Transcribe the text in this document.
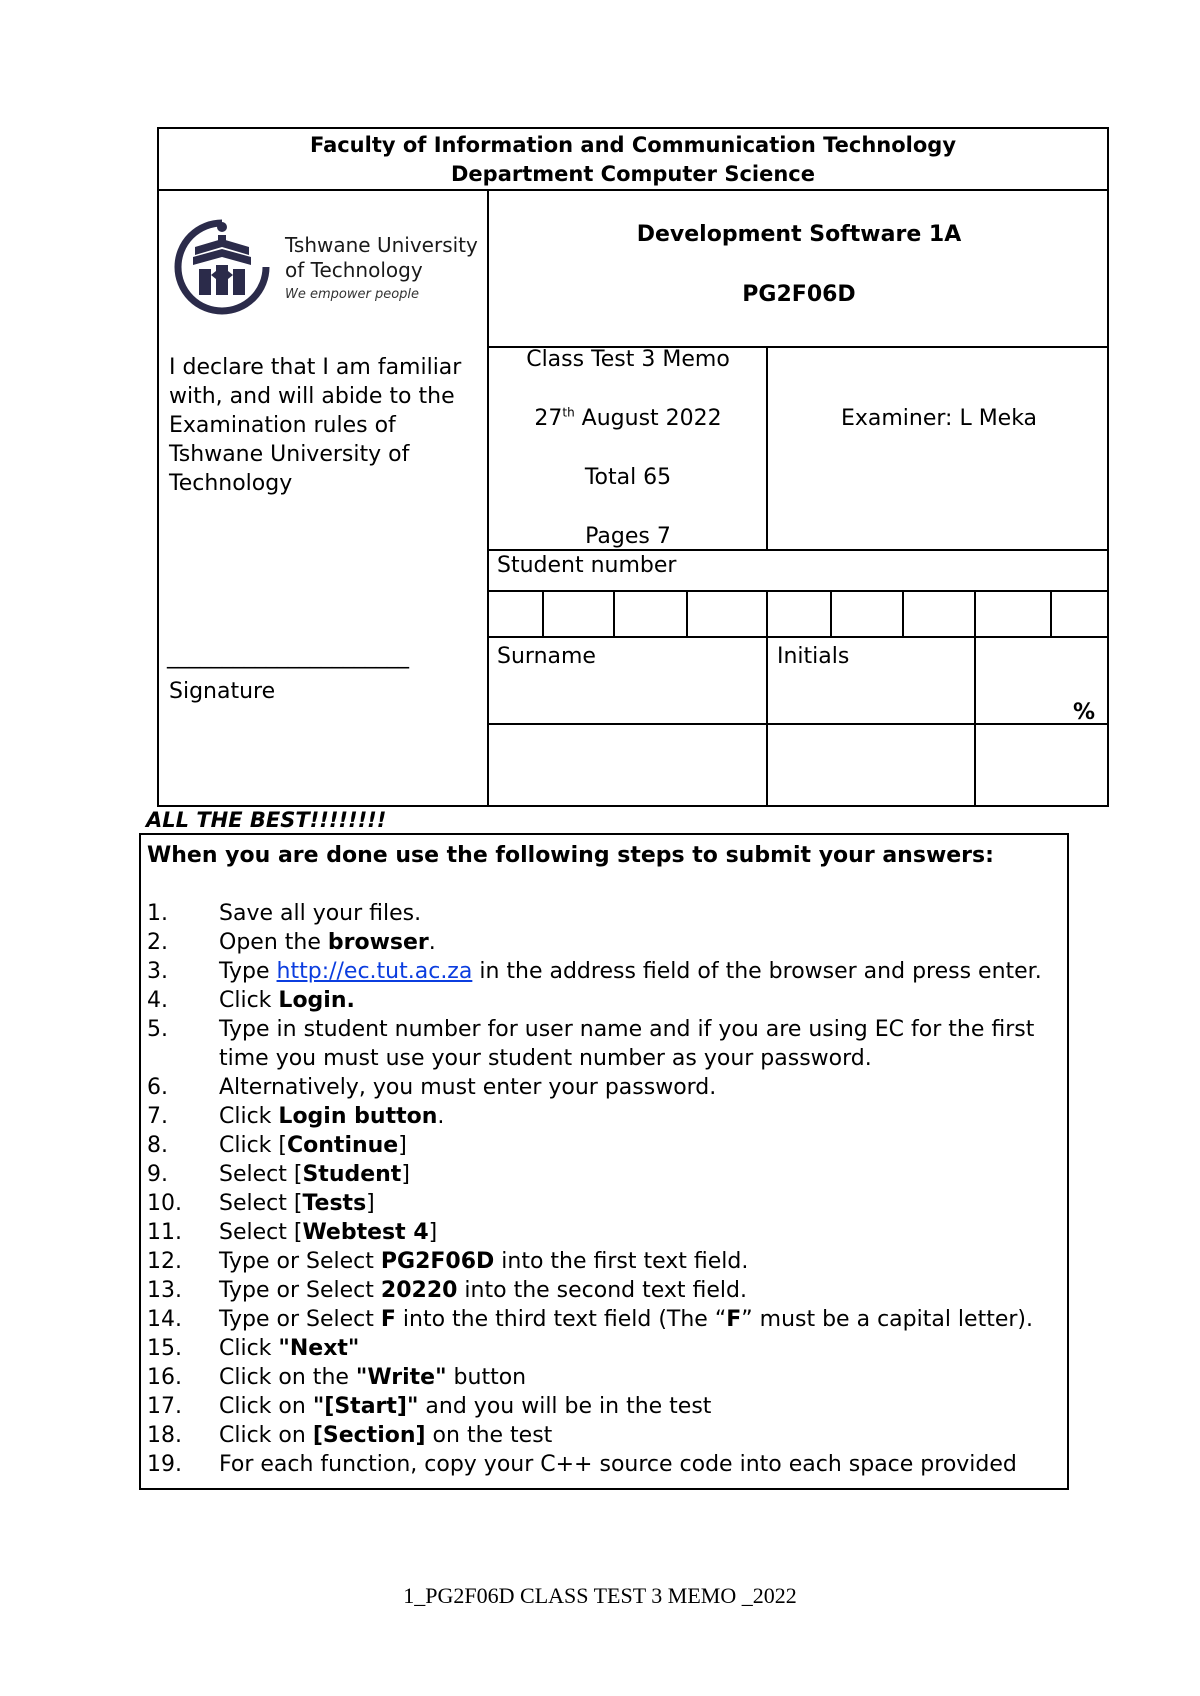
Faculty of Information and Communication Technology
Department Computer Science
Tshwane University
of Technology
We empower people
I declare that I am familiar with, and will abide to the Examination rules of Tshwane University of Technology
______________________
Signature
Development Software 1A
PG2F06D
Class Test 3 Memo
27th August 2022
Total 65
Pages 7
Examiner: L Meka
Student number
Surname	Initials
%
ALL THE BEST!!!!!!!!
When you are done use the following steps to submit your answers:
1.	Save all your files.
2.	Open the browser.
3.	Type http://ec.tut.ac.za in the address field of the browser and press enter.
4.	Click Login.
5.	Type in student number for user name and if you are using EC for the first time you must use your student number as your password.
6.	Alternatively, you must enter your password.
7.	Click Login button.
8.	Click [Continue]
9.	Select [Student]
10.	Select [Tests]
11.	Select [Webtest 4]
12.	Type or Select PG2F06D into the first text field.
13.	Type or Select 20220 into the second text field.
14.	Type or Select F into the third text field (The “F” must be a capital letter).
15.	Click "Next"
16.	Click on the "Write" button
17.	Click on "[Start]" and you will be in the test
18.	Click on [Section] on the test
19.	For each function, copy your C++ source code into each space provided
1_PG2F06D CLASS TEST 3 MEMO _2022
